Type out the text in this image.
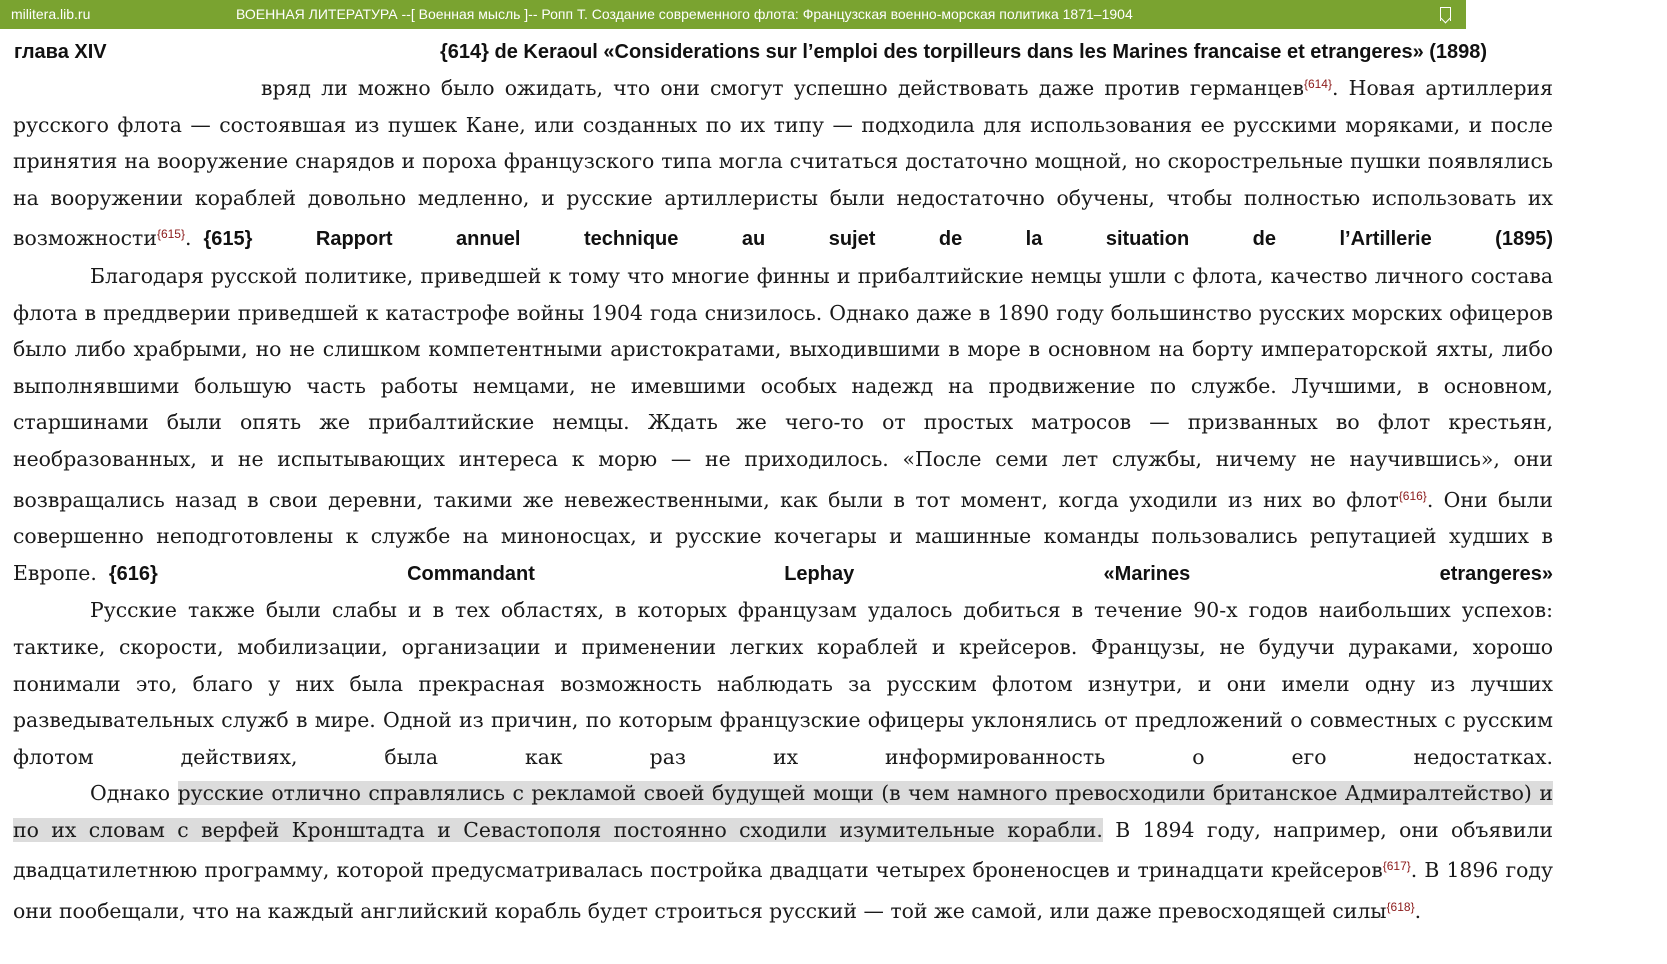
militera.lib.ru	ВОЕННАЯ ЛИТЕРАТУРА --[ Военная мысль ]-- Ропп Т. Создание современного флота: Французская военно-морская политика 1871–1904
глава XIV	{614} de Keraoul «Considerations sur l’emploi des torpilleurs dans les Marines francaise et etrangeres» (1898)

вряд ли можно было ожидать, что они смогут успешно действовать даже против германцев$^{\{614\}}$. Новая артиллерия русского флота — состоявшая из пушек Кане, или созданных по их типу — подходила для использования ее русскими моряками, и после принятия на вооружение снарядов и пороха французского типа могла считаться достаточно мощной, но скорострельные пушки появлялись на вооружении кораблей довольно медленно, и русские артиллеристы были недостаточно обучены, чтобы полностью использовать их возможности$^{\{615\}}$. {615} Rapport annuel technique au sujet de la situation de l’Artillerie (1895)

Благодаря русской политике, приведшей к тому что многие финны и прибалтийские немцы ушли с флота, качество личного состава флота в преддверии приведшей к катастрофе войны 1904 года снизилось. Однако даже в 1890 году большинство русских морских офицеров было либо храбрыми, но не слишком компетентными аристократами, выходившими в море в основном на борту императорской яхты, либо выполнявшими большую часть работы немцами, не имевшими особых надежд на продвижение по службе. Лучшими, в основном, старшинами были опять же прибалтийские немцы. Ждать же чего-то от простых матросов — призванных во флот крестьян, необразованных, и не испытывающих интереса к морю — не приходилось. «После семи лет службы, ничему не научившись», они возвращались назад в свои деревни, такими же невежественными, как были в тот момент, когда уходили из них во флот$^{\{616\}}$. Они были совершенно неподготовлены к службе на миноносцах, и русские кочегары и машинные команды пользовались репутацией худших в Европе. {616} Commandant Lephay «Marines etrangeres»

Русские также были слабы и в тех областях, в которых французам удалось добиться в течение 90-х годов наибольших успехов: тактике, скорости, мобилизации, организации и применении легких кораблей и крейсеров. Французы, не будучи дураками, хорошо понимали это, благо у них была прекрасная возможность наблюдать за русским флотом изнутри, и они имели одну из лучших разведывательных служб в мире. Одной из причин, по которым французские офицеры уклонялись от предложений о совместных с русским флотом действиях, была как раз их информированность о его недостатках.

Однако русские отлично справлялись с рекламой своей будущей мощи (в чем намного превосходили британское Адмиралтейство) и по их словам с верфей Кронштадта и Севастополя постоянно сходили изумительные корабли. В 1894 году, например, они объявили двадцатилетнюю программу, которой предусматривалась постройка двадцати четырех броненосцев и тринадцати крейсеров$^{\{617\}}$. В 1896 году они пообещали, что на каждый английский корабль будет строиться русский — той же самой, или даже превосходящей силы$^{\{618\}}$.
